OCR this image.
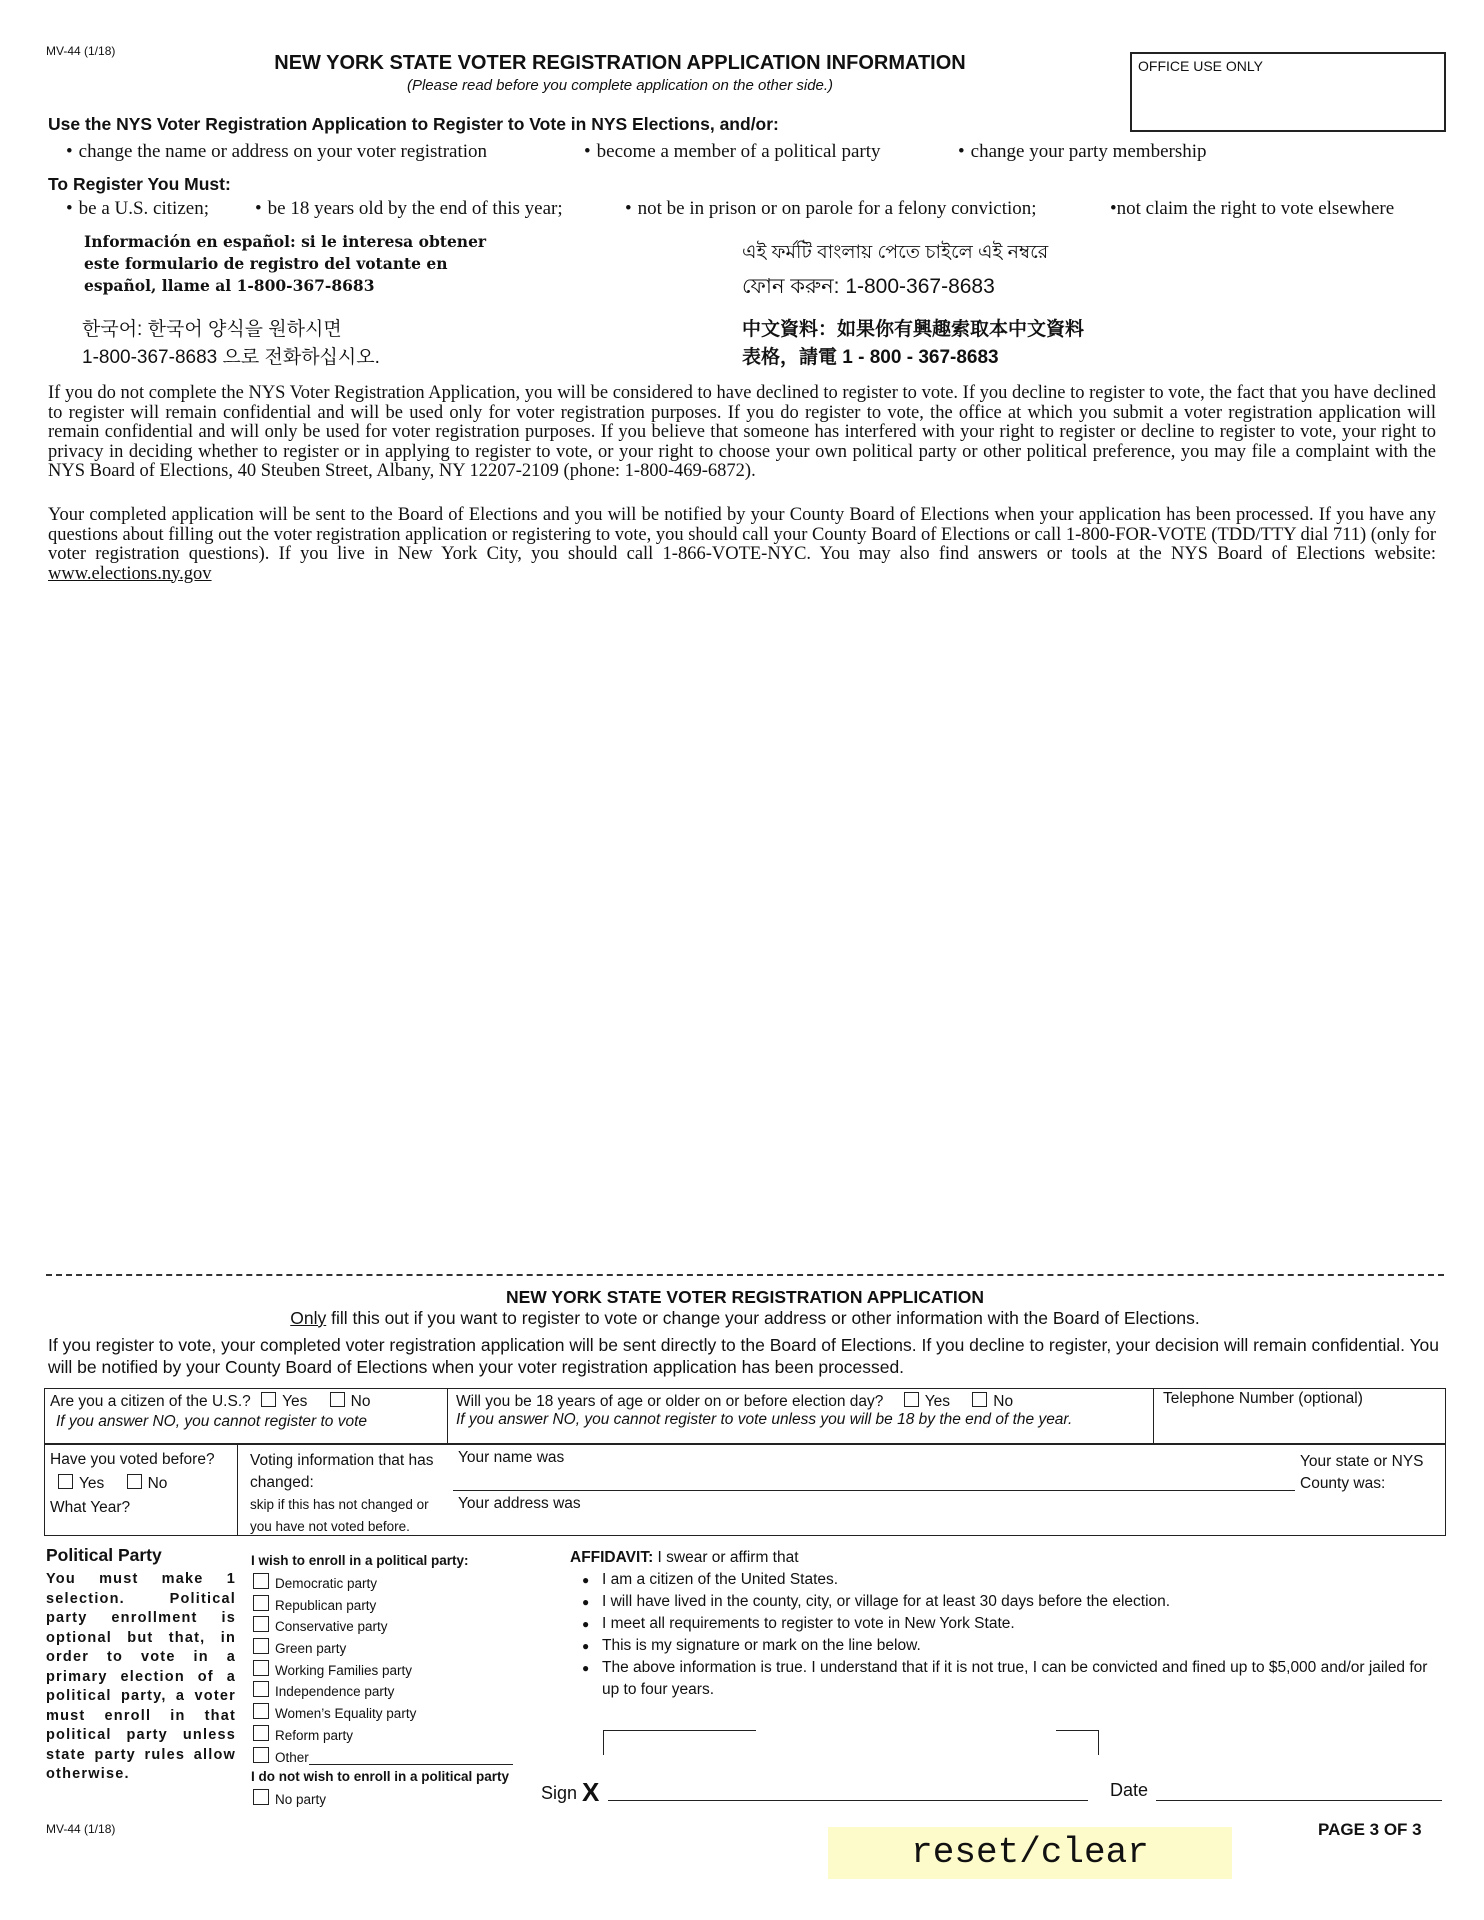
MV-44 (1/18)
NEW YORK STATE VOTER REGISTRATION APPLICATION INFORMATION
(Please read before you complete application on the other side.)
OFFICE USE ONLY
Use the NYS Voter Registration Application to Register to Vote in NYS Elections, and/or:
• change the name or address on your voter registration	• become a member of a political party	• change your party membership
To Register You Must:
• be a U.S. citizen;	• be 18 years old by the end of this year;	• not be in prison or on parole for a felony conviction;	•not claim the right to vote elsewhere
Información en español: si le interesa obtener
este formulario de registro del votante en
español, llame al 1-800-367-8683
এই ফর্মটি বাংলায় পেতে চাইলে এই নম্বরে
ফোন করুন: 1-800-367-8683
한국어: 한국어 양식을 원하시면
1-800-367-8683 으로 전화하십시오.
中文資料：如果你有興趣索取本中文資料
表格，請電 1 - 800 - 367-8683
If you do not complete the NYS Voter Registration Application, you will be considered to have declined to register to vote. If you decline to register to vote, the fact that you have declined to register will remain confidential and will be used only for voter registration purposes. If you do register to vote, the office at which you submit a voter registration application will remain confidential and will only be used for voter registration purposes. If you believe that someone has interfered with your right to register or decline to register to vote, your right to privacy in deciding whether to register or in applying to register to vote, or your right to choose your own political party or other political preference, you may file a complaint with the NYS Board of Elections, 40 Steuben Street, Albany, NY 12207-2109 (phone: 1-800-469-6872).
Your completed application will be sent to the Board of Elections and you will be notified by your County Board of Elections when your application has been processed. If you have any questions about filling out the voter registration application or registering to vote, you should call your County Board of Elections or call 1-800-FOR-VOTE (TDD/TTY dial 711) (only for voter registration questions). If you live in New York City, you should call 1-866-VOTE-NYC. You may also find answers or tools at the NYS Board of Elections website: www.elections.ny.gov
NEW YORK STATE VOTER REGISTRATION APPLICATION
Only fill this out if you want to register to vote or change your address or other information with the Board of Elections.
If you register to vote, your completed voter registration application will be sent directly to the Board of Elections. If you decline to register, your decision will remain confidential. You will be notified by your County Board of Elections when your voter registration application has been processed.
Are you a citizen of the U.S.? Yes	No
If you answer NO, you cannot register to vote
Will you be 18 years of age or older on or before election day?	Yes	No
If you answer NO, you cannot register to vote unless you will be 18 by the end of the year.
Telephone Number (optional)
Have you voted before?
Yes	No
What Year?
Voting information that has changed:
skip if this has not changed or you have not voted before.
Your name was
Your address was
Your state or NYS County was:
Political Party
You must make 1 selection. Political party enrollment is optional but that, in order to vote in a primary election of a political party, a voter must enroll in that political party unless state party rules allow otherwise.
I wish to enroll in a political party:
Democratic party
Republican party
Conservative party
Green party
Working Families party
Independence party
Women’s Equality party
Reform party
Other
I do not wish to enroll in a political party
No party
AFFIDAVIT: I swear or affirm that
● I am a citizen of the United States.
● I will have lived in the county, city, or village for at least 30 days before the election.
● I meet all requirements to register to vote in New York State.
● This is my signature or mark on the line below.
● The above information is true. I understand that if it is not true, I can be convicted and fined up to $5,000 and/or jailed for up to four years.
Sign X	Date
MV-44 (1/18)	PAGE 3 OF 3
reset/clear
